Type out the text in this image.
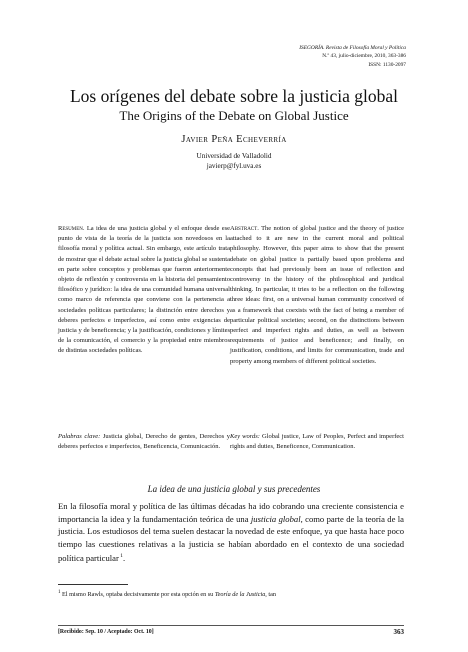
ISEGORÍA. Revista de Filosofía Moral y Política
N.º 43, julio-diciembre, 2010, 363-386
ISSN: 1130-2097
Los orígenes del debate sobre la justicia global
The Origins of the Debate on Global Justice
Javier Peña Echeverría
Universidad de Valladolid
javierp@fyl.uva.es
Resumen. La idea de una justicia global y el enfoque desde ese punto de vista de la teoría de la justicia son novedosos en la filosofía moral y política actual. Sin embargo, este artículo trata de mostrar que el debate actual sobre la justicia global se sustenta en parte sobre conceptos y problemas que fueron anteriormente objeto de reflexión y controversia en la historia del pensamiento filosófico y jurídico: la idea de una comunidad humana universal como marco de referencia que conviene con la pertenencia a sociedades políticas particulares; la distinción entre derechos y deberes perfectos e imperfectos, así como entre exigencias de justicia y de beneficencia; y la justificación, condiciones y límites de la comunicación, el comercio y la propiedad entre miembros de distintas sociedades políticas.
Abstract. The notion of global justice and the theory of justice attached to it are new in the current moral and political philosophy. However, this paper aims to show that the present debate on global justice is partially based upon problems and concepts that had previously been an issue of reflection and controversy in the history of the philosophical and juridical thinking. In particular, it tries to be a reflection on the following three ideas: first, on a universal human community conceived of as a framework that coexists with the fact of being a member of particular political societies; second, on the distinctions between perfect and imperfect rights and duties, as well as between requirements of justice and beneficence; and finally, on justification, conditions, and limits for communication, trade and property among members of different political societies.
Palabras clave: Justicia global, Derecho de gentes, Derechos y deberes perfectos e imperfectos, Beneficencia, Comunicación.
Key words: Global justice, Law of Peoples, Perfect and imperfect rights and duties, Beneficence, Communication.
La idea de una justicia global y sus precedentes
En la filosofía moral y política de las últimas décadas ha ido cobrando una creciente consistencia e importancia la idea y la fundamentación teórica de una justicia global, como parte de la teoría de la justicia. Los estudiosos del tema suelen destacar la novedad de este enfoque, ya que hasta hace poco tiempo las cuestiones relativas a la justicia se habían abordado en el contexto de una sociedad política particular $^1$.
$^1$ El mismo Rawls, optaba decisivamente por esta opción en su Teoría de la Justicia, tan
[Recibido: Sep. 10 / Aceptado: Oct. 10]	363
